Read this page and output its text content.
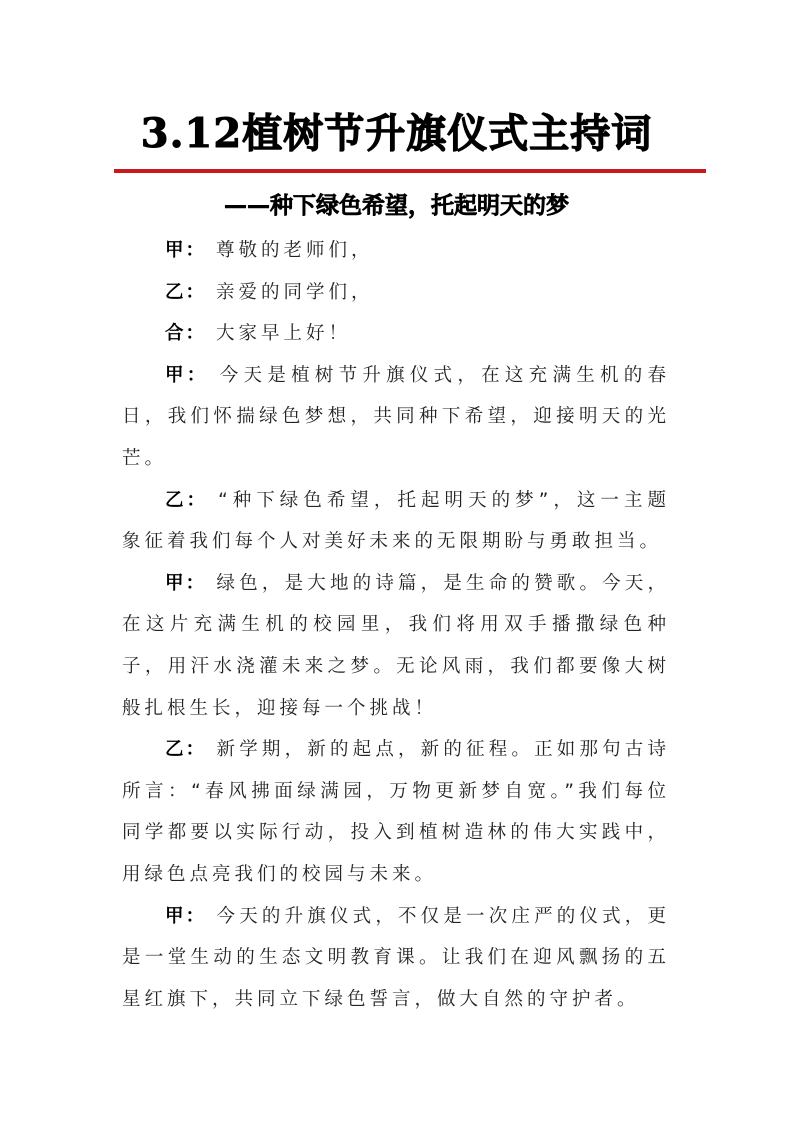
3.12植树节升旗仪式主持词
——种下绿色希望，托起明天的梦

甲： 尊敬的老师们，

乙： 亲爱的同学们，

合： 大家早上好！

甲： 今天是植树节升旗仪式，在这充满生机的春日，我们怀揣绿色梦想，共同种下希望，迎接明天的光芒。

乙： “种下绿色希望，托起明天的梦”，这一主题象征着我们每个人对美好未来的无限期盼与勇敢担当。

甲： 绿色，是大地的诗篇，是生命的赞歌。今天，在这片充满生机的校园里，我们将用双手播撒绿色种子，用汗水浇灌未来之梦。无论风雨，我们都要像大树般扎根生长，迎接每一个挑战！

乙： 新学期，新的起点，新的征程。正如那句古诗所言：“春风拂面绿满园，万物更新梦自宽。”我们每位同学都要以实际行动，投入到植树造林的伟大实践中，用绿色点亮我们的校园与未来。

甲： 今天的升旗仪式，不仅是一次庄严的仪式，更是一堂生动的生态文明教育课。让我们在迎风飘扬的五星红旗下，共同立下绿色誓言，做大自然的守护者。
